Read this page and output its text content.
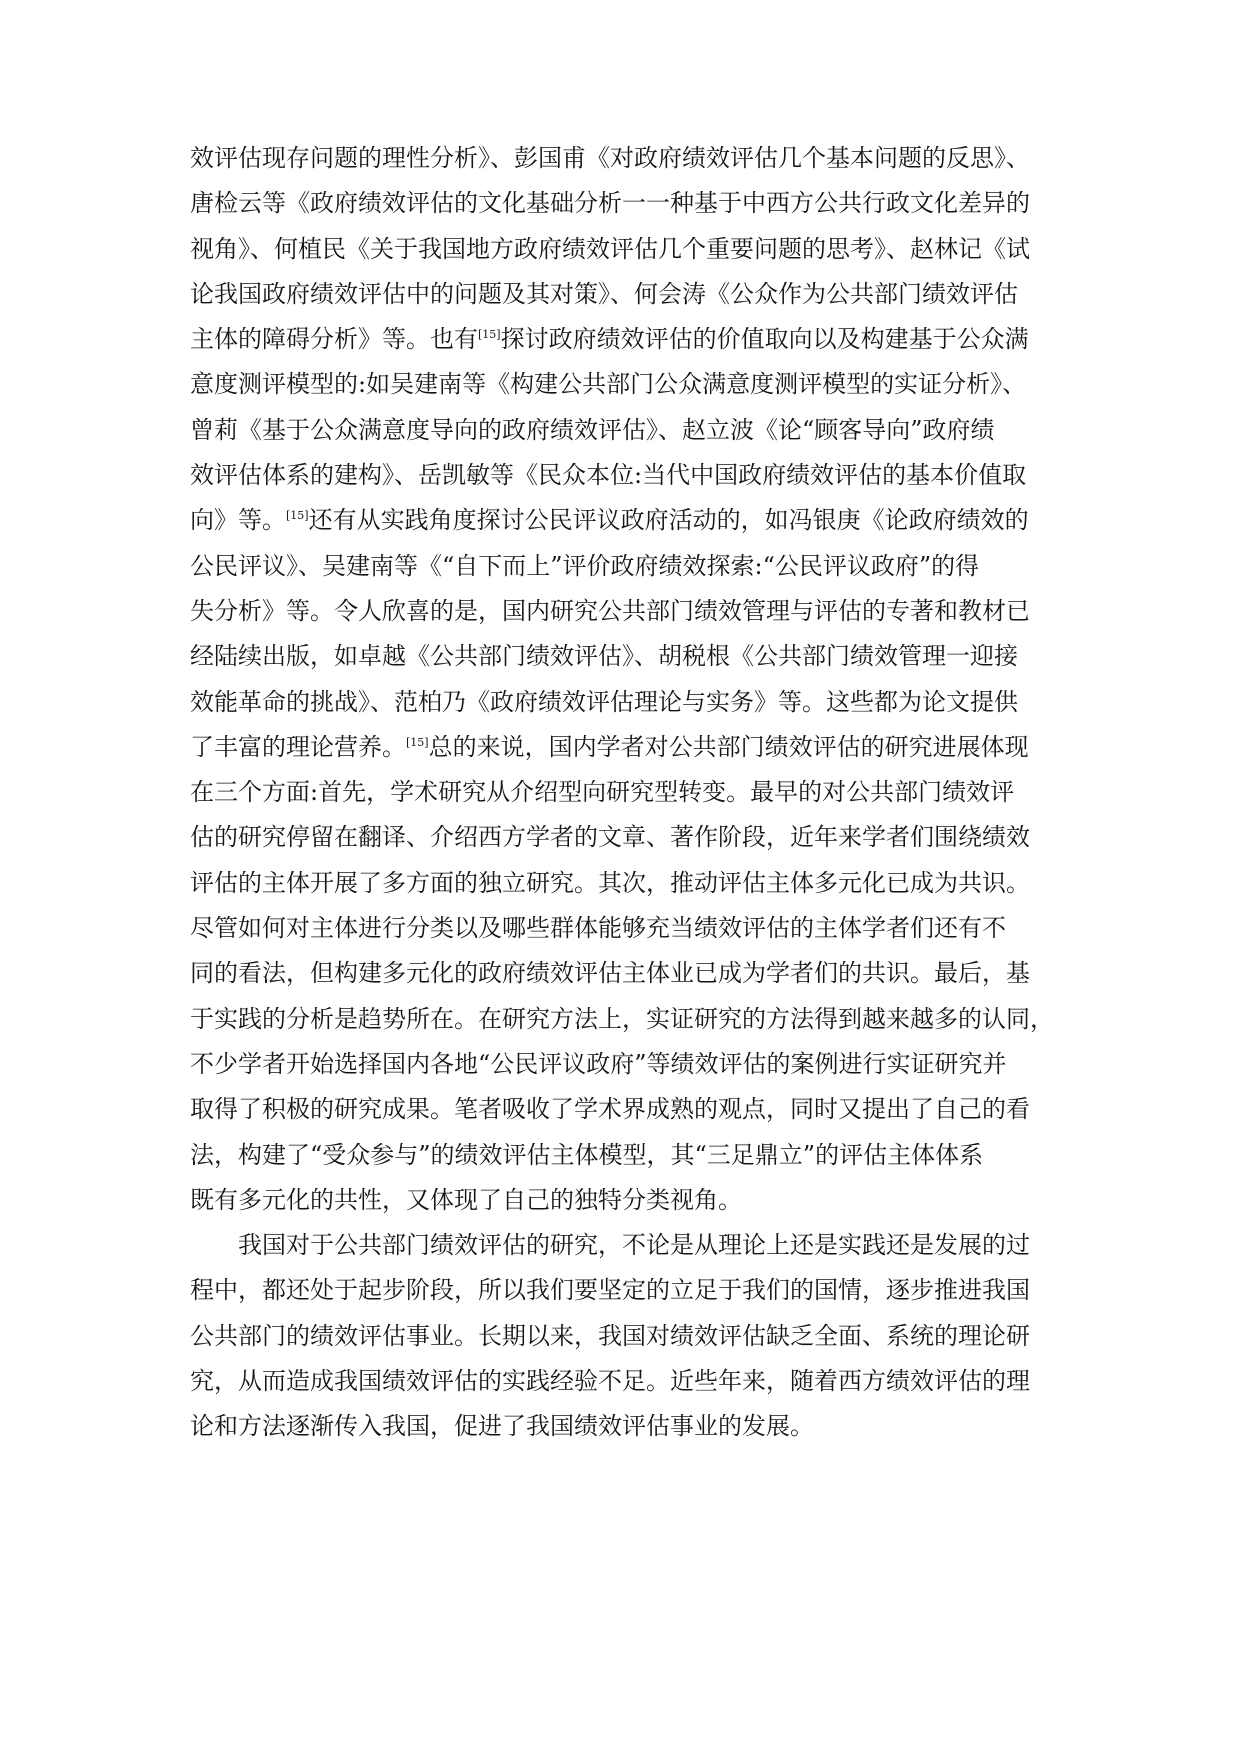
效评估现存问题的理性分析》、彭国甫《对政府绩效评估几个基本问题的反思》、
唐检云等《政府绩效评估的文化基础分析一一种基于中西方公共行政文化差异的
视角》、何植民《关于我国地方政府绩效评估几个重要问题的思考》、赵林记《试
论我国政府绩效评估中的问题及其对策》、何会涛《公众作为公共部门绩效评估
主体的障碍分析》等。也有[15]探讨政府绩效评估的价值取向以及构建基于公众满
意度测评模型的:如吴建南等《构建公共部门公众满意度测评模型的实证分析》、
曾莉《基于公众满意度导向的政府绩效评估》、赵立波《论“顾客导向”政府绩
效评估体系的建构》、岳凯敏等《民众本位:当代中国政府绩效评估的基本价值取
向》等。[15]还有从实践角度探讨公民评议政府活动的，如冯银庚《论政府绩效的
公民评议》、吴建南等《“自下而上”评价政府绩效探索:“公民评议政府”的得
失分析》等。令人欣喜的是，国内研究公共部门绩效管理与评估的专著和教材已
经陆续出版，如卓越《公共部门绩效评估》、胡税根《公共部门绩效管理一迎接
效能革命的挑战》、范柏乃《政府绩效评估理论与实务》等。这些都为论文提供
了丰富的理论营养。[15]总的来说，国内学者对公共部门绩效评估的研究进展体现
在三个方面:首先，学术研究从介绍型向研究型转变。最早的对公共部门绩效评
估的研究停留在翻译、介绍西方学者的文章、著作阶段，近年来学者们围绕绩效
评估的主体开展了多方面的独立研究。其次，推动评估主体多元化已成为共识。
尽管如何对主体进行分类以及哪些群体能够充当绩效评估的主体学者们还有不
同的看法，但构建多元化的政府绩效评估主体业已成为学者们的共识。最后，基
于实践的分析是趋势所在。在研究方法上，实证研究的方法得到越来越多的认同，
不少学者开始选择国内各地“公民评议政府”等绩效评估的案例进行实证研究并
取得了积极的研究成果。笔者吸收了学术界成熟的观点，同时又提出了自己的看
法，构建了“受众参与”的绩效评估主体模型，其“三足鼎立”的评估主体体系
既有多元化的共性，又体现了自己的独特分类视角。
我国对于公共部门绩效评估的研究，不论是从理论上还是实践还是发展的过
程中，都还处于起步阶段，所以我们要坚定的立足于我们的国情，逐步推进我国
公共部门的绩效评估事业。长期以来，我国对绩效评估缺乏全面、系统的理论研
究，从而造成我国绩效评估的实践经验不足。近些年来，随着西方绩效评估的理
论和方法逐渐传入我国，促进了我国绩效评估事业的发展。
